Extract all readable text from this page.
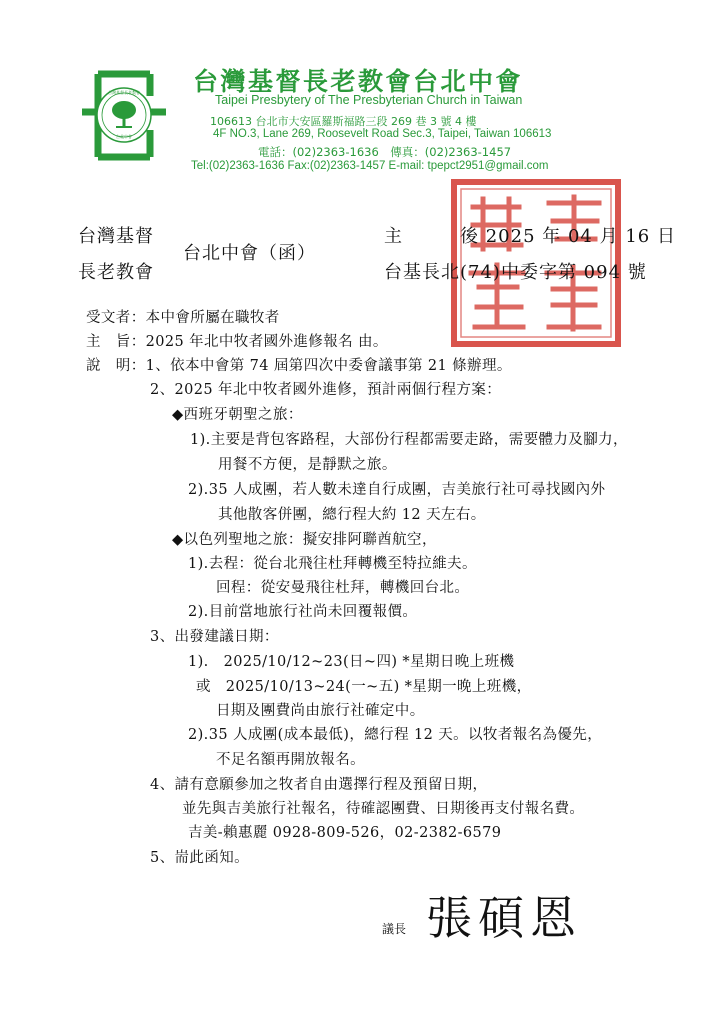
台灣基督長老教會
台北中會
台灣基督長老教會台北中會
Taipei Presbytery of The Presbyterian Church in Taiwan
106613 台北市大安區羅斯福路三段 269 巷 3 號 4 樓
4F NO.3, Lane 269, Roosevelt Road Sec.3, Taipei, Taiwan 106613
電話：(02)2363-1636　傳真：(02)2363-1457
Tel:(02)2363-1636 Fax:(02)2363-1457 E-mail: tpepct2951@gmail.com
台灣基督
長老教會
台北中會（函）
主	後 2025 年 04 月 16 日
台基長北(74)中委字第 094 號
受文者：本中會所屬在職牧者
主　旨：2025 年北中牧者國外進修報名 由。
說　明：1、依本中會第 74 屆第四次中委會議事第 21 條辦理。
2、2025 年北中牧者國外進修，預計兩個行程方案：
◆西班牙朝聖之旅：
1).主要是背包客路程，大部份行程都需要走路，需要體力及腳力，
用餐不方便，是靜默之旅。
2).35 人成團，若人數未達自行成團，吉美旅行社可尋找國內外
其他散客併團，總行程大約 12 天左右。
◆以色列聖地之旅：擬安排阿聯酋航空，
1).去程：從台北飛往杜拜轉機至特拉維夫。
回程：從安曼飛往杜拜，轉機回台北。
2).目前當地旅行社尚未回覆報價。
3、出發建議日期：
1).　2025/10/12~23(日~四) *星期日晚上班機
或　2025/10/13~24(一~五) *星期一晚上班機，
日期及團費尚由旅行社確定中。
2).35 人成團(成本最低)，總行程 12 天。以牧者報名為優先，
不足名額再開放報名。
4、請有意願參加之牧者自由選擇行程及預留日期，
並先與吉美旅行社報名，待確認團費、日期後再支付報名費。
吉美-賴惠麗 0928-809-526，02-2382-6579
5、耑此函知。
議長 張碩恩
